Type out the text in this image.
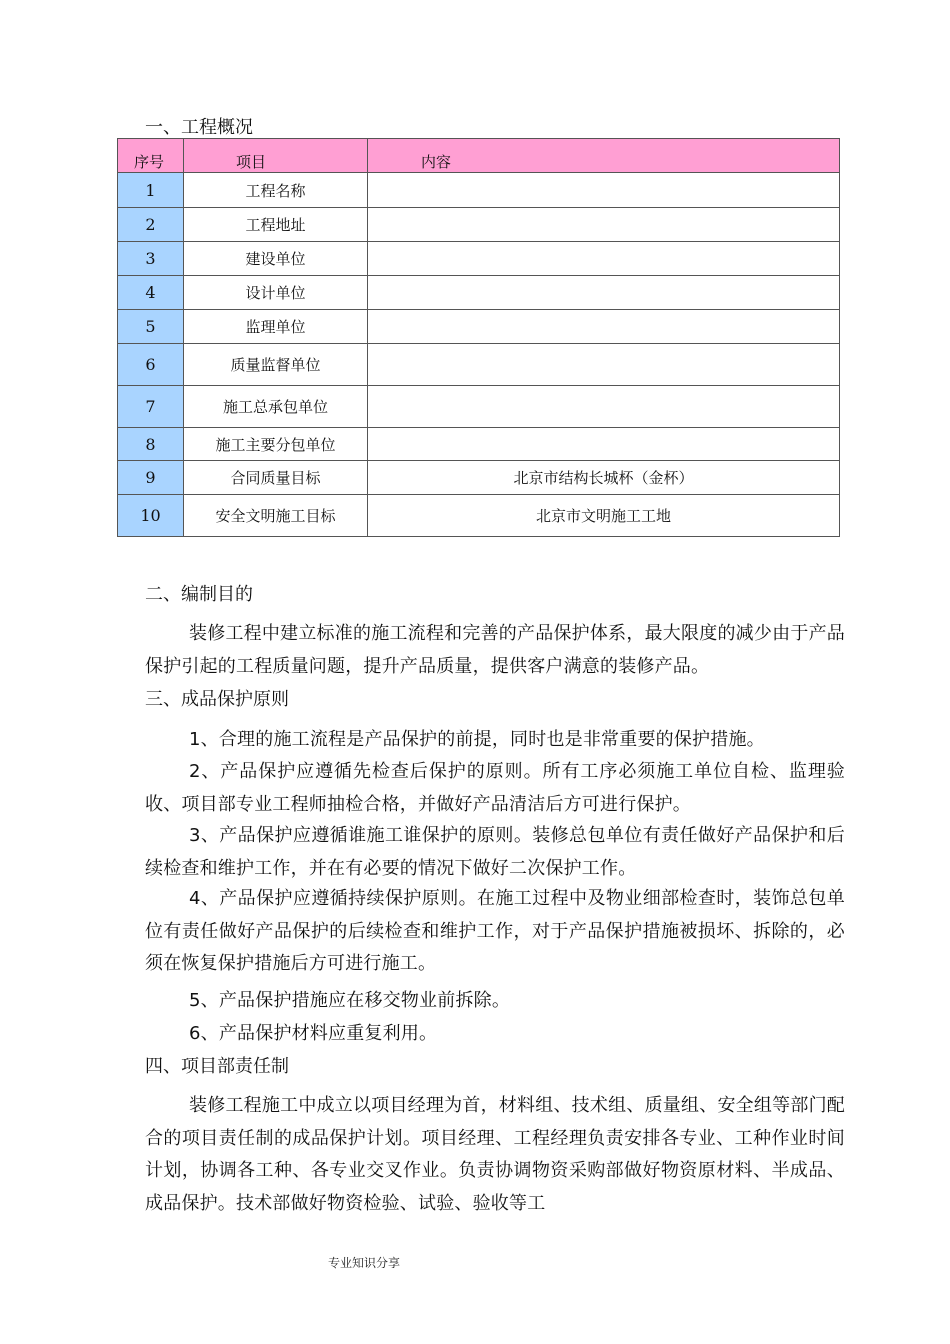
一、工程概况
序号	项目	内容
1	工程名称	
2	工程地址	
3	建设单位	
4	设计单位	
5	监理单位	
6	质量监督单位	
7	施工总承包单位	
8	施工主要分包单位	
9	合同质量目标	北京市结构长城杯（金杯）
10	安全文明施工目标	北京市文明施工工地
二、编制目的
装修工程中建立标准的施工流程和完善的产品保护体系，最大限度的减少由于产品保护引起的工程质量问题，提升产品质量，提供客户满意的装修产品。
三、成品保护原则
1、合理的施工流程是产品保护的前提，同时也是非常重要的保护措施。
2、产品保护应遵循先检查后保护的原则。所有工序必须施工单位自检、监理验收、项目部专业工程师抽检合格，并做好产品清洁后方可进行保护。
3、产品保护应遵循谁施工谁保护的原则。装修总包单位有责任做好产品保护和后续检查和维护工作，并在有必要的情况下做好二次保护工作。
4、产品保护应遵循持续保护原则。在施工过程中及物业细部检查时，装饰总包单位有责任做好产品保护的后续检查和维护工作，对于产品保护措施被损坏、拆除的，必须在恢复保护措施后方可进行施工。
5、产品保护措施应在移交物业前拆除。
6、产品保护材料应重复利用。
四、项目部责任制
装修工程施工中成立以项目经理为首，材料组、技术组、质量组、安全组等部门配合的项目责任制的成品保护计划。项目经理、工程经理负责安排各专业、工种作业时间计划，协调各工种、各专业交叉作业。负责协调物资采购部做好物资原材料、半成品、成品保护。技术部做好物资检验、试验、验收等工
专业知识分享
